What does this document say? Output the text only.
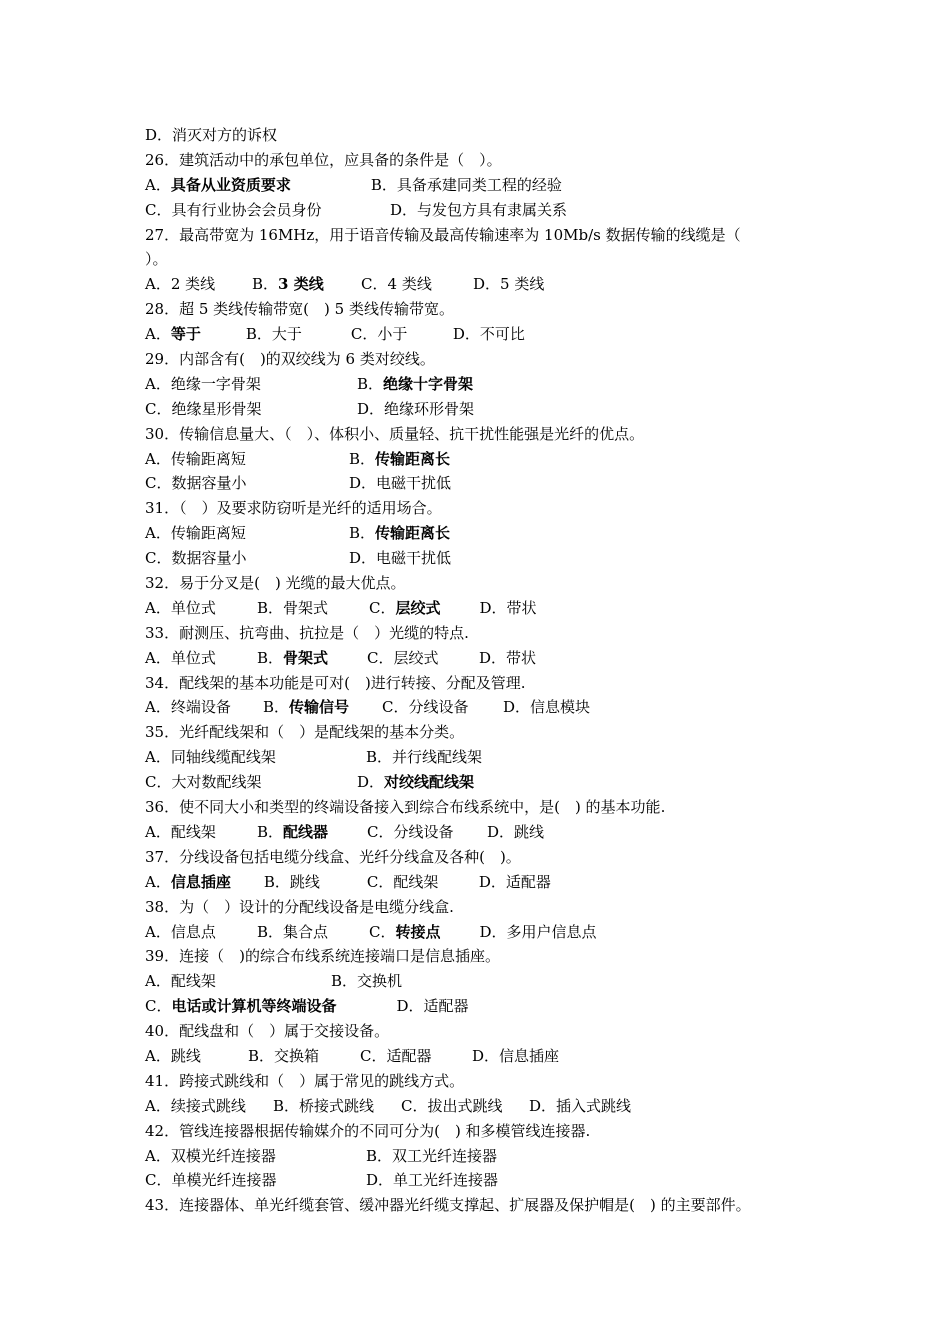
D．消灭对方的诉权
26．建筑活动中的承包单位，应具备的条件是（　）。
A．具备从业资质要求	B．具备承建同类工程的经验
C．具有行业协会会员身份	D．与发包方具有隶属关系
27．最高带宽为 16MHz，用于语音传输及最高传输速率为 10Mb/s 数据传输的线缆是（
）。
A．2 类线 B．3 类线 C．4 类线	D．5 类线
28．超 5 类线传输带宽(　) 5 类线传输带宽。
A．等于	B．大于	C．小于	D．不可比
29．内部含有(　)的双绞线为 6 类对绞线。
A．绝缘一字骨架	B．绝缘十字骨架
C．绝缘星形骨架	D．绝缘环形骨架
30．传输信息量大、（　）、体积小、质量轻、抗干扰性能强是光纤的优点。
A．传输距离短	B．传输距离长
C．数据容量小	D．电磁干扰低
31．（　）及要求防窃听是光纤的适用场合。
A．传输距离短	B．传输距离长
C．数据容量小	D．电磁干扰低
32．易于分叉是(　) 光缆的最大优点。
A．单位式	B．骨架式	C．层绞式	D．带状
33．耐测压、抗弯曲、抗拉是（　）光缆的特点.
A．单位式	B．骨架式	C．层绞式	D．带状
34．配线架的基本功能是可对(　)进行转接、分配及管理.
A．终端设备 B．传输信号 C．分线设备 D．信息模块
35．光纤配线架和（　）是配线架的基本分类。
A．同轴线缆配线架	B．并行线配线架
C．大对数配线架	D．对绞线配线架
36．使不同大小和类型的终端设备接入到综合布线系统中，是(　) 的基本功能.
A．配线架	B．配线器	C．分线设备 D．跳线
37．分线设备包括电缆分线盒、光纤分线盒及各种(　)。
A．信息插座 B．跳线	C．配线架	D．适配器
38．为（　）设计的分配线设备是电缆分线盒.
A．信息点	B．集合点	C．转接点	D．多用户信息点
39．连接（　)的综合布线系统连接端口是信息插座。
A．配线架	B．交换机
C．电话或计算机等终端设备	D．适配器
40．配线盘和（　）属于交接设备。
A．跳线	B．交换箱	C．适配器	D．信息插座
41．跨接式跳线和（　）属于常见的跳线方式。
A．续接式跳线 B．桥接式跳线 C．拔出式跳线 D．插入式跳线
42．管线连接器根据传输媒介的不同可分为(　) 和多模管线连接器.
A．双模光纤连接器	B．双工光纤连接器
C．单模光纤连接器	D．单工光纤连接器
43．连接器体、单光纤缆套管、缓冲器光纤缆支撑起、扩展器及保护帽是(　) 的主要部件。
